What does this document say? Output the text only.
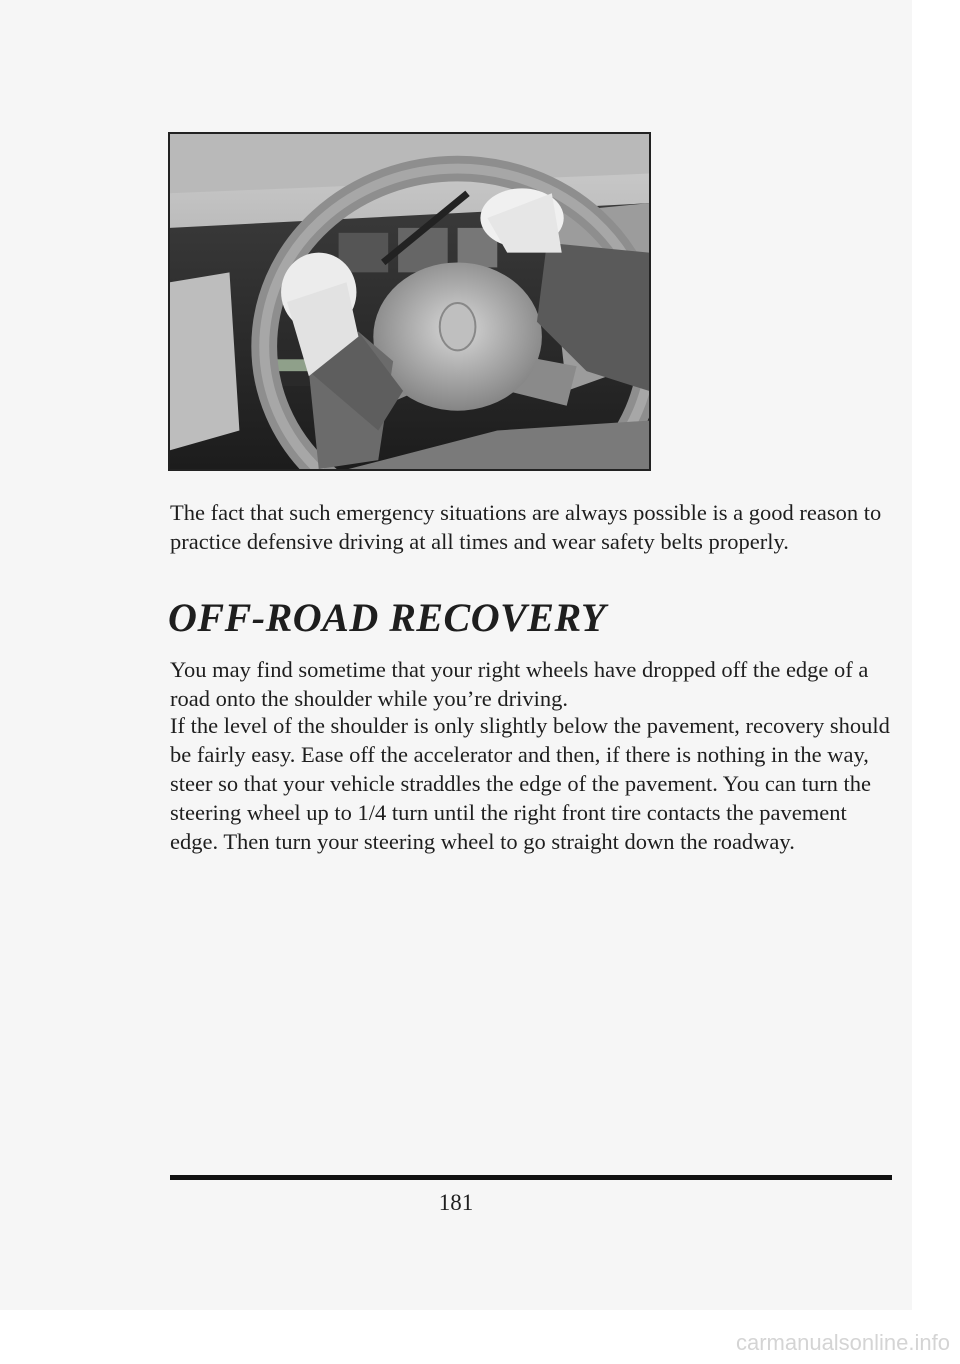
The fact that such emergency situations are always possible is a good reason to practice defensive driving at all times and wear safety belts properly.

OFF-ROAD RECOVERY

You may find sometime that your right wheels have dropped off the edge of a road onto the shoulder while you’re driving.

If the level of the shoulder is only slightly below the pavement, recovery should be fairly easy. Ease off the accelerator and then, if there is nothing in the way, steer so that your vehicle straddles the edge of the pavement. You can turn the steering wheel up to 1/4 turn until the right front tire contacts the pavement edge. Then turn your steering wheel to go straight down the roadway.

181
carmanualsonline.info
